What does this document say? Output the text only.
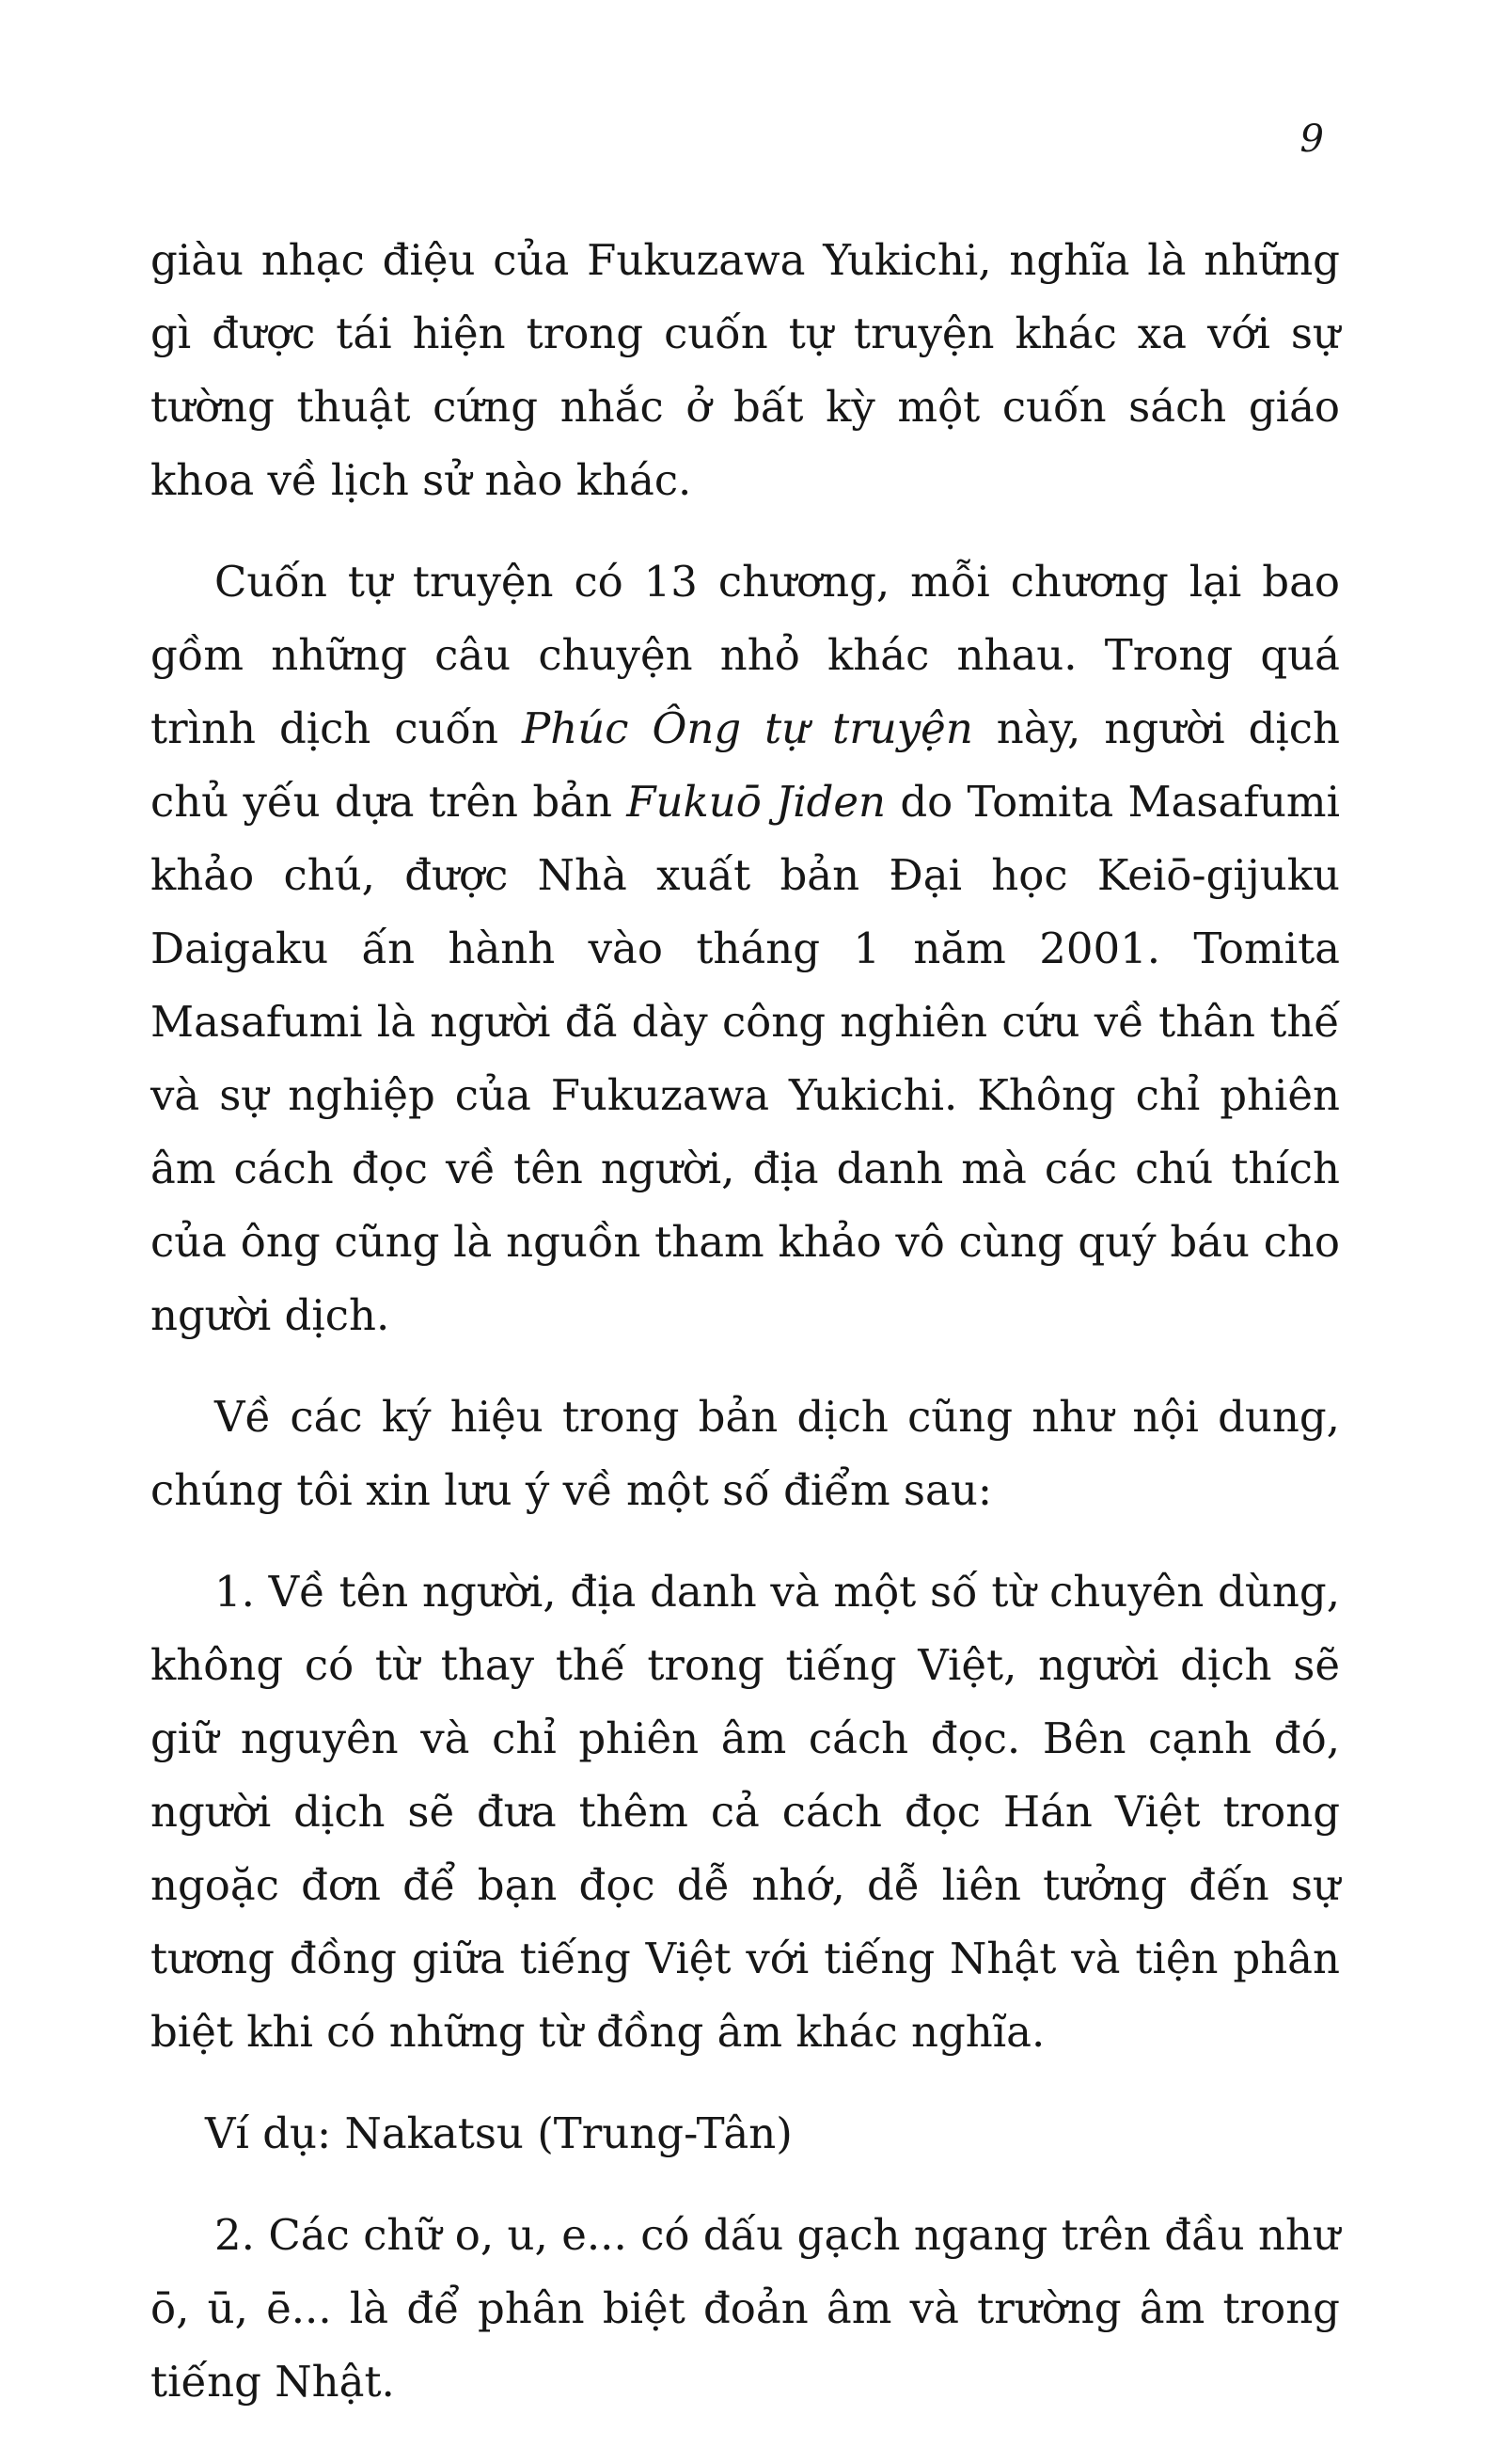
9

giàu nhạc điệu của Fukuzawa Yukichi, nghĩa là những gì được tái hiện trong cuốn tự truyện khác xa với sự tường thuật cứng nhắc ở bất kỳ một cuốn sách giáo khoa về lịch sử nào khác.

Cuốn tự truyện có 13 chương, mỗi chương lại bao gồm những câu chuyện nhỏ khác nhau. Trong quá trình dịch cuốn Phúc Ông tự truyện này, người dịch chủ yếu dựa trên bản Fukuō Jiden do Tomita Masafumi khảo chú, được Nhà xuất bản Đại học Keiō-gijuku Daigaku ấn hành vào tháng 1 năm 2001. Tomita Masafumi là người đã dày công nghiên cứu về thân thế và sự nghiệp của Fukuzawa Yukichi. Không chỉ phiên âm cách đọc về tên người, địa danh mà các chú thích của ông cũng là nguồn tham khảo vô cùng quý báu cho người dịch.

Về các ký hiệu trong bản dịch cũng như nội dung, chúng tôi xin lưu ý về một số điểm sau:

1. Về tên người, địa danh và một số từ chuyên dùng, không có từ thay thế trong tiếng Việt, người dịch sẽ giữ nguyên và chỉ phiên âm cách đọc. Bên cạnh đó, người dịch sẽ đưa thêm cả cách đọc Hán Việt trong ngoặc đơn để bạn đọc dễ nhớ, dễ liên tưởng đến sự tương đồng giữa tiếng Việt với tiếng Nhật và tiện phân biệt khi có những từ đồng âm khác nghĩa.

Ví dụ: Nakatsu (Trung-Tân)

2. Các chữ o, u, e... có dấu gạch ngang trên đầu như ō, ū, ē... là để phân biệt đoản âm và trường âm trong tiếng Nhật.
